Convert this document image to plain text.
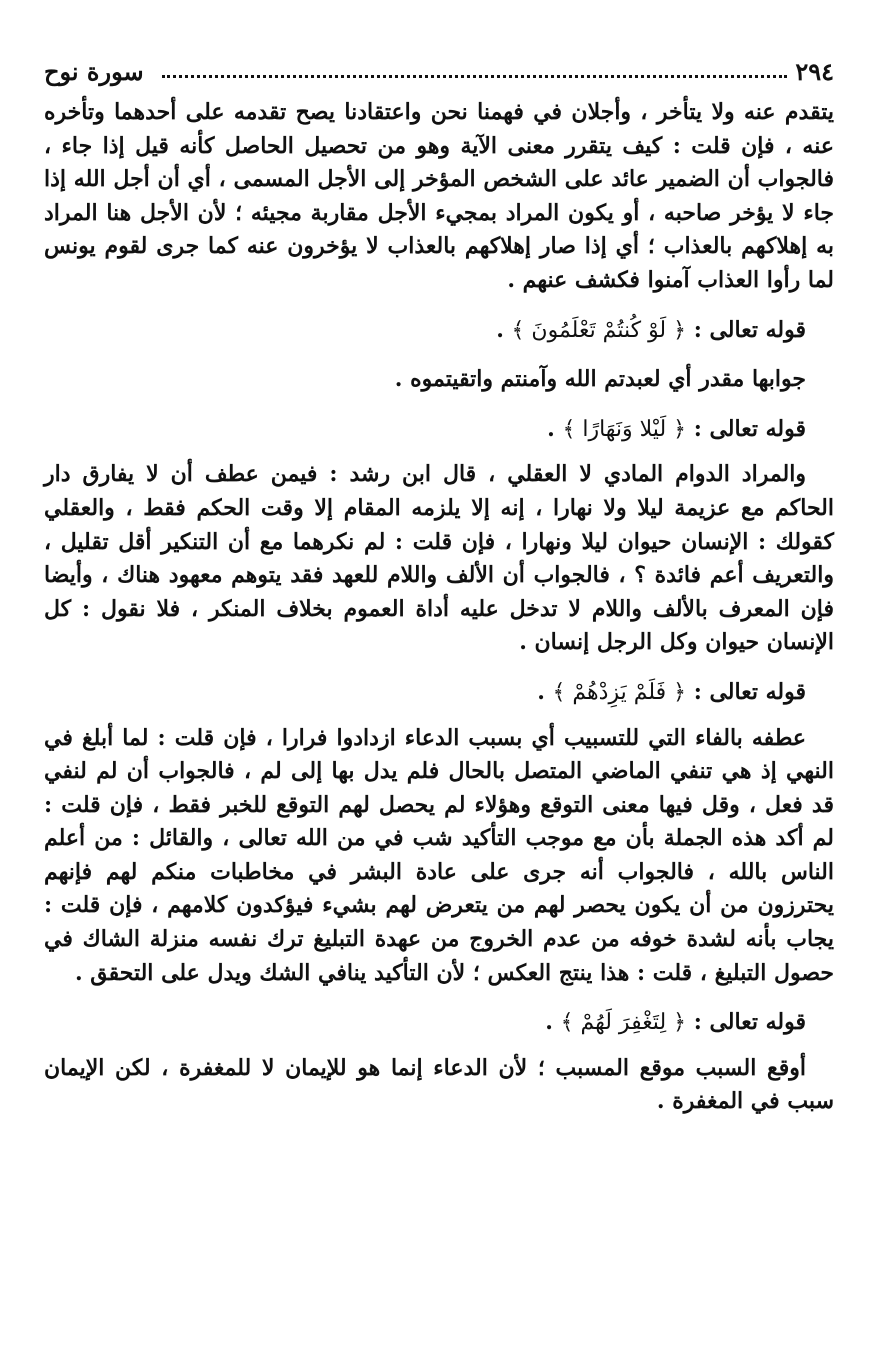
٢٩٤
سورة نوح

يتقدم عنه ولا يتأخر ، وأجلان في فهمنا نحن واعتقادنا يصح تقدمه على أحدهما وتأخره عنه ، فإن قلت : كيف يتقرر معنى الآية وهو من تحصيل الحاصل كأنه قيل إذا جاء ، فالجواب أن الضمير عائد على الشخص المؤخر إلى الأجل المسمى ، أي أن أجل الله إذا جاء لا يؤخر صاحبه ، أو يكون المراد بمجيء الأجل مقاربة مجيئه ؛ لأن الأجل هنا المراد به إهلاكهم بالعذاب ؛ أي إذا صار إهلاكهم بالعذاب لا يؤخرون عنه كما جرى لقوم يونس لما رأوا العذاب آمنوا فكشف عنهم .

قوله تعالى : ﴿ لَوْ كُنتُمْ تَعْلَمُونَ ﴾ .

جوابها مقدر أي لعبدتم الله وآمنتم واتقيتموه .

قوله تعالى : ﴿ لَيْلا وَنَهَارًا ﴾ .

والمراد الدوام المادي لا العقلي ، قال ابن رشد : فيمن عطف أن لا يفارق دار الحاكم مع عزيمة ليلا ولا نهارا ، إنه إلا يلزمه المقام إلا وقت الحكم فقط ، والعقلي كقولك : الإنسان حيوان ليلا ونهارا ، فإن قلت : لم نكرهما مع أن التنكير أقل تقليل ، والتعريف أعم فائدة ؟ ، فالجواب أن الألف واللام للعهد فقد يتوهم معهود هناك ، وأيضا فإن المعرف بالألف واللام لا تدخل عليه أداة العموم بخلاف المنكر ، فلا نقول : كل الإنسان حيوان وكل الرجل إنسان .

قوله تعالى : ﴿ فَلَمْ يَزِدْهُمْ ﴾ .

عطفه بالفاء التي للتسبيب أي بسبب الدعاء ازدادوا فرارا ، فإن قلت : لما أبلغ في النهي إذ هي تنفي الماضي المتصل بالحال فلم يدل بها إلى لم ، فالجواب أن لم لنفي قد فعل ، وقل فيها معنى التوقع وهؤلاء لم يحصل لهم التوقع للخبر فقط ، فإن قلت : لم أكد هذه الجملة بأن مع موجب التأكيد شب في من الله تعالى ، والقائل : من أعلم الناس بالله ، فالجواب أنه جرى على عادة البشر في مخاطبات منكم لهم فإنهم يحترزون من أن يكون يحصر لهم من يتعرض لهم بشيء فيؤكدون كلامهم ، فإن قلت : يجاب بأنه لشدة خوفه من عدم الخروج من عهدة التبليغ ترك نفسه منزلة الشاك في حصول التبليغ ، قلت : هذا ينتج العكس ؛ لأن التأكيد ينافي الشك ويدل على التحقق .

قوله تعالى : ﴿ لِتَغْفِرَ لَهُمْ ﴾ .

أوقع السبب موقع المسبب ؛ لأن الدعاء إنما هو للإيمان لا للمغفرة ، لكن الإيمان سبب في المغفرة .
